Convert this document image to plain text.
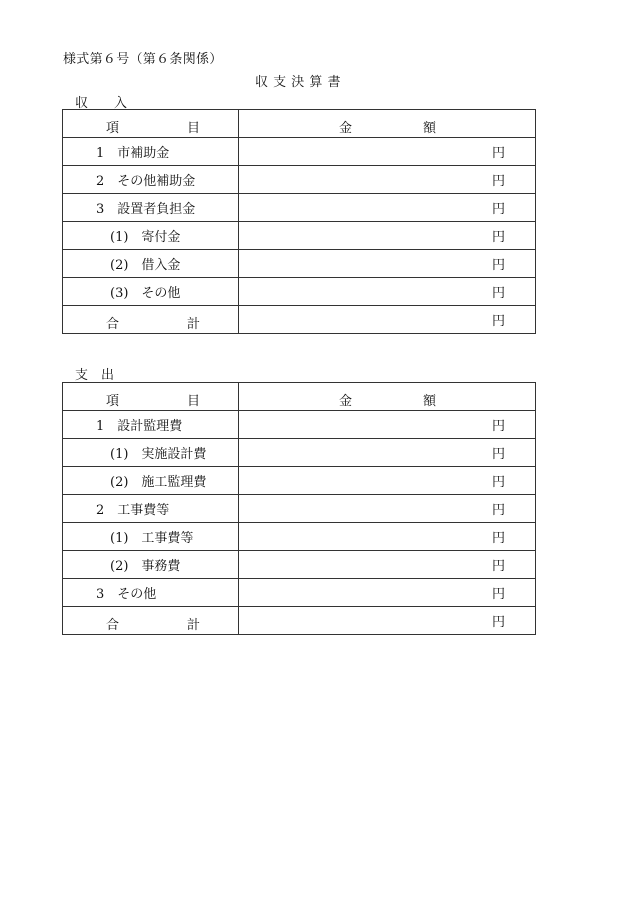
様式第６号（第６条関係）
収 支 決 算 書
収　　入
項 目	金 額

1　市補助金	円
2　その他補助金	円
3　設置者負担金	円
(1)　寄付金	円
(2)　借入金	円
(3)　その他	円

合 計	円
支　出
項 目	金 額

1　設計監理費	円
(1)　実施設計費	円
(2)　施工監理費	円
2　工事費等	円
(1)　工事費等	円
(2)　事務費	円
3　その他	円

合 計	円
